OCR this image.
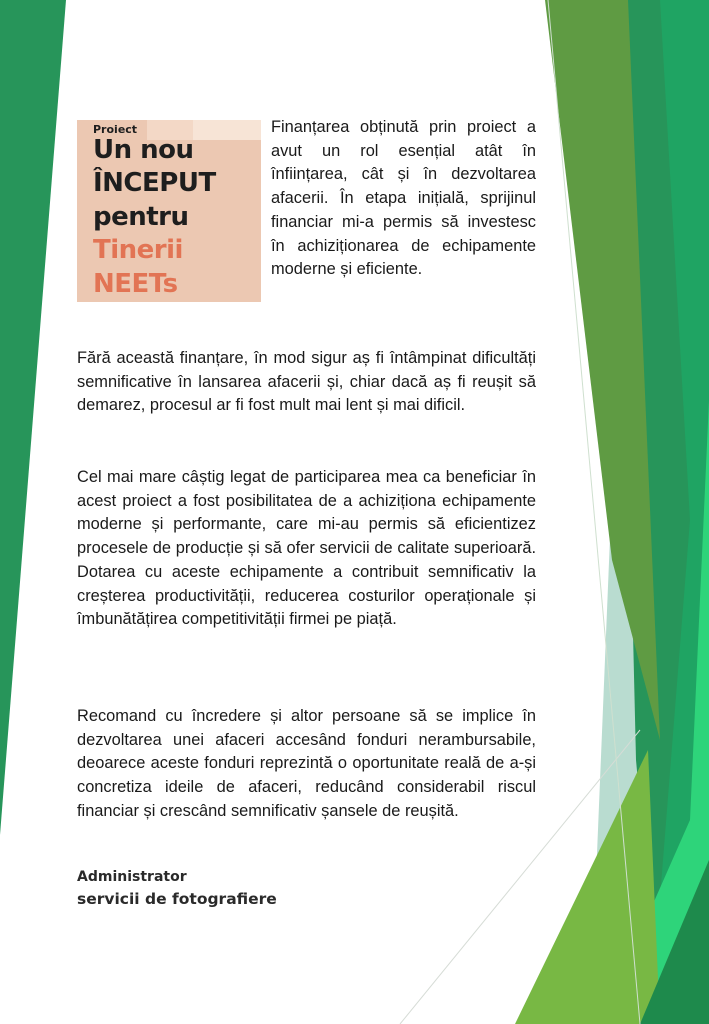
Proiect
Un nou
ÎNCEPUT
pentru
Tinerii
NEETs

Finanțarea obținută prin proiect a avut un rol esențial atât în înființarea, cât și în dezvoltarea afacerii. În etapa inițială, sprijinul financiar mi-a permis să investesc în achiziționarea de echipamente moderne și eficiente.

Fără această finanțare, în mod sigur aș fi întâmpinat dificultăți semnificative în lansarea afacerii și, chiar dacă aș fi reușit să demarez, procesul ar fi fost mult mai lent și mai dificil.

Cel mai mare câștig legat de participarea mea ca beneficiar în acest proiect a fost posibilitatea de a achiziționa echipamente moderne și performante, care mi-au permis să eficientizez procesele de producție și să ofer servicii de calitate superioară. Dotarea cu aceste echipamente a contribuit semnificativ la creșterea productivității, reducerea costurilor operaționale și îmbunătățirea competitivității firmei pe piață.

Recomand cu încredere și altor persoane să se implice în dezvoltarea unei afaceri accesând fonduri nerambursabile, deoarece aceste fonduri reprezintă o oportunitate reală de a-și concretiza ideile de afaceri, reducând considerabil riscul financiar și crescând semnificativ șansele de reușită.

Administrator

servicii de fotografiere
